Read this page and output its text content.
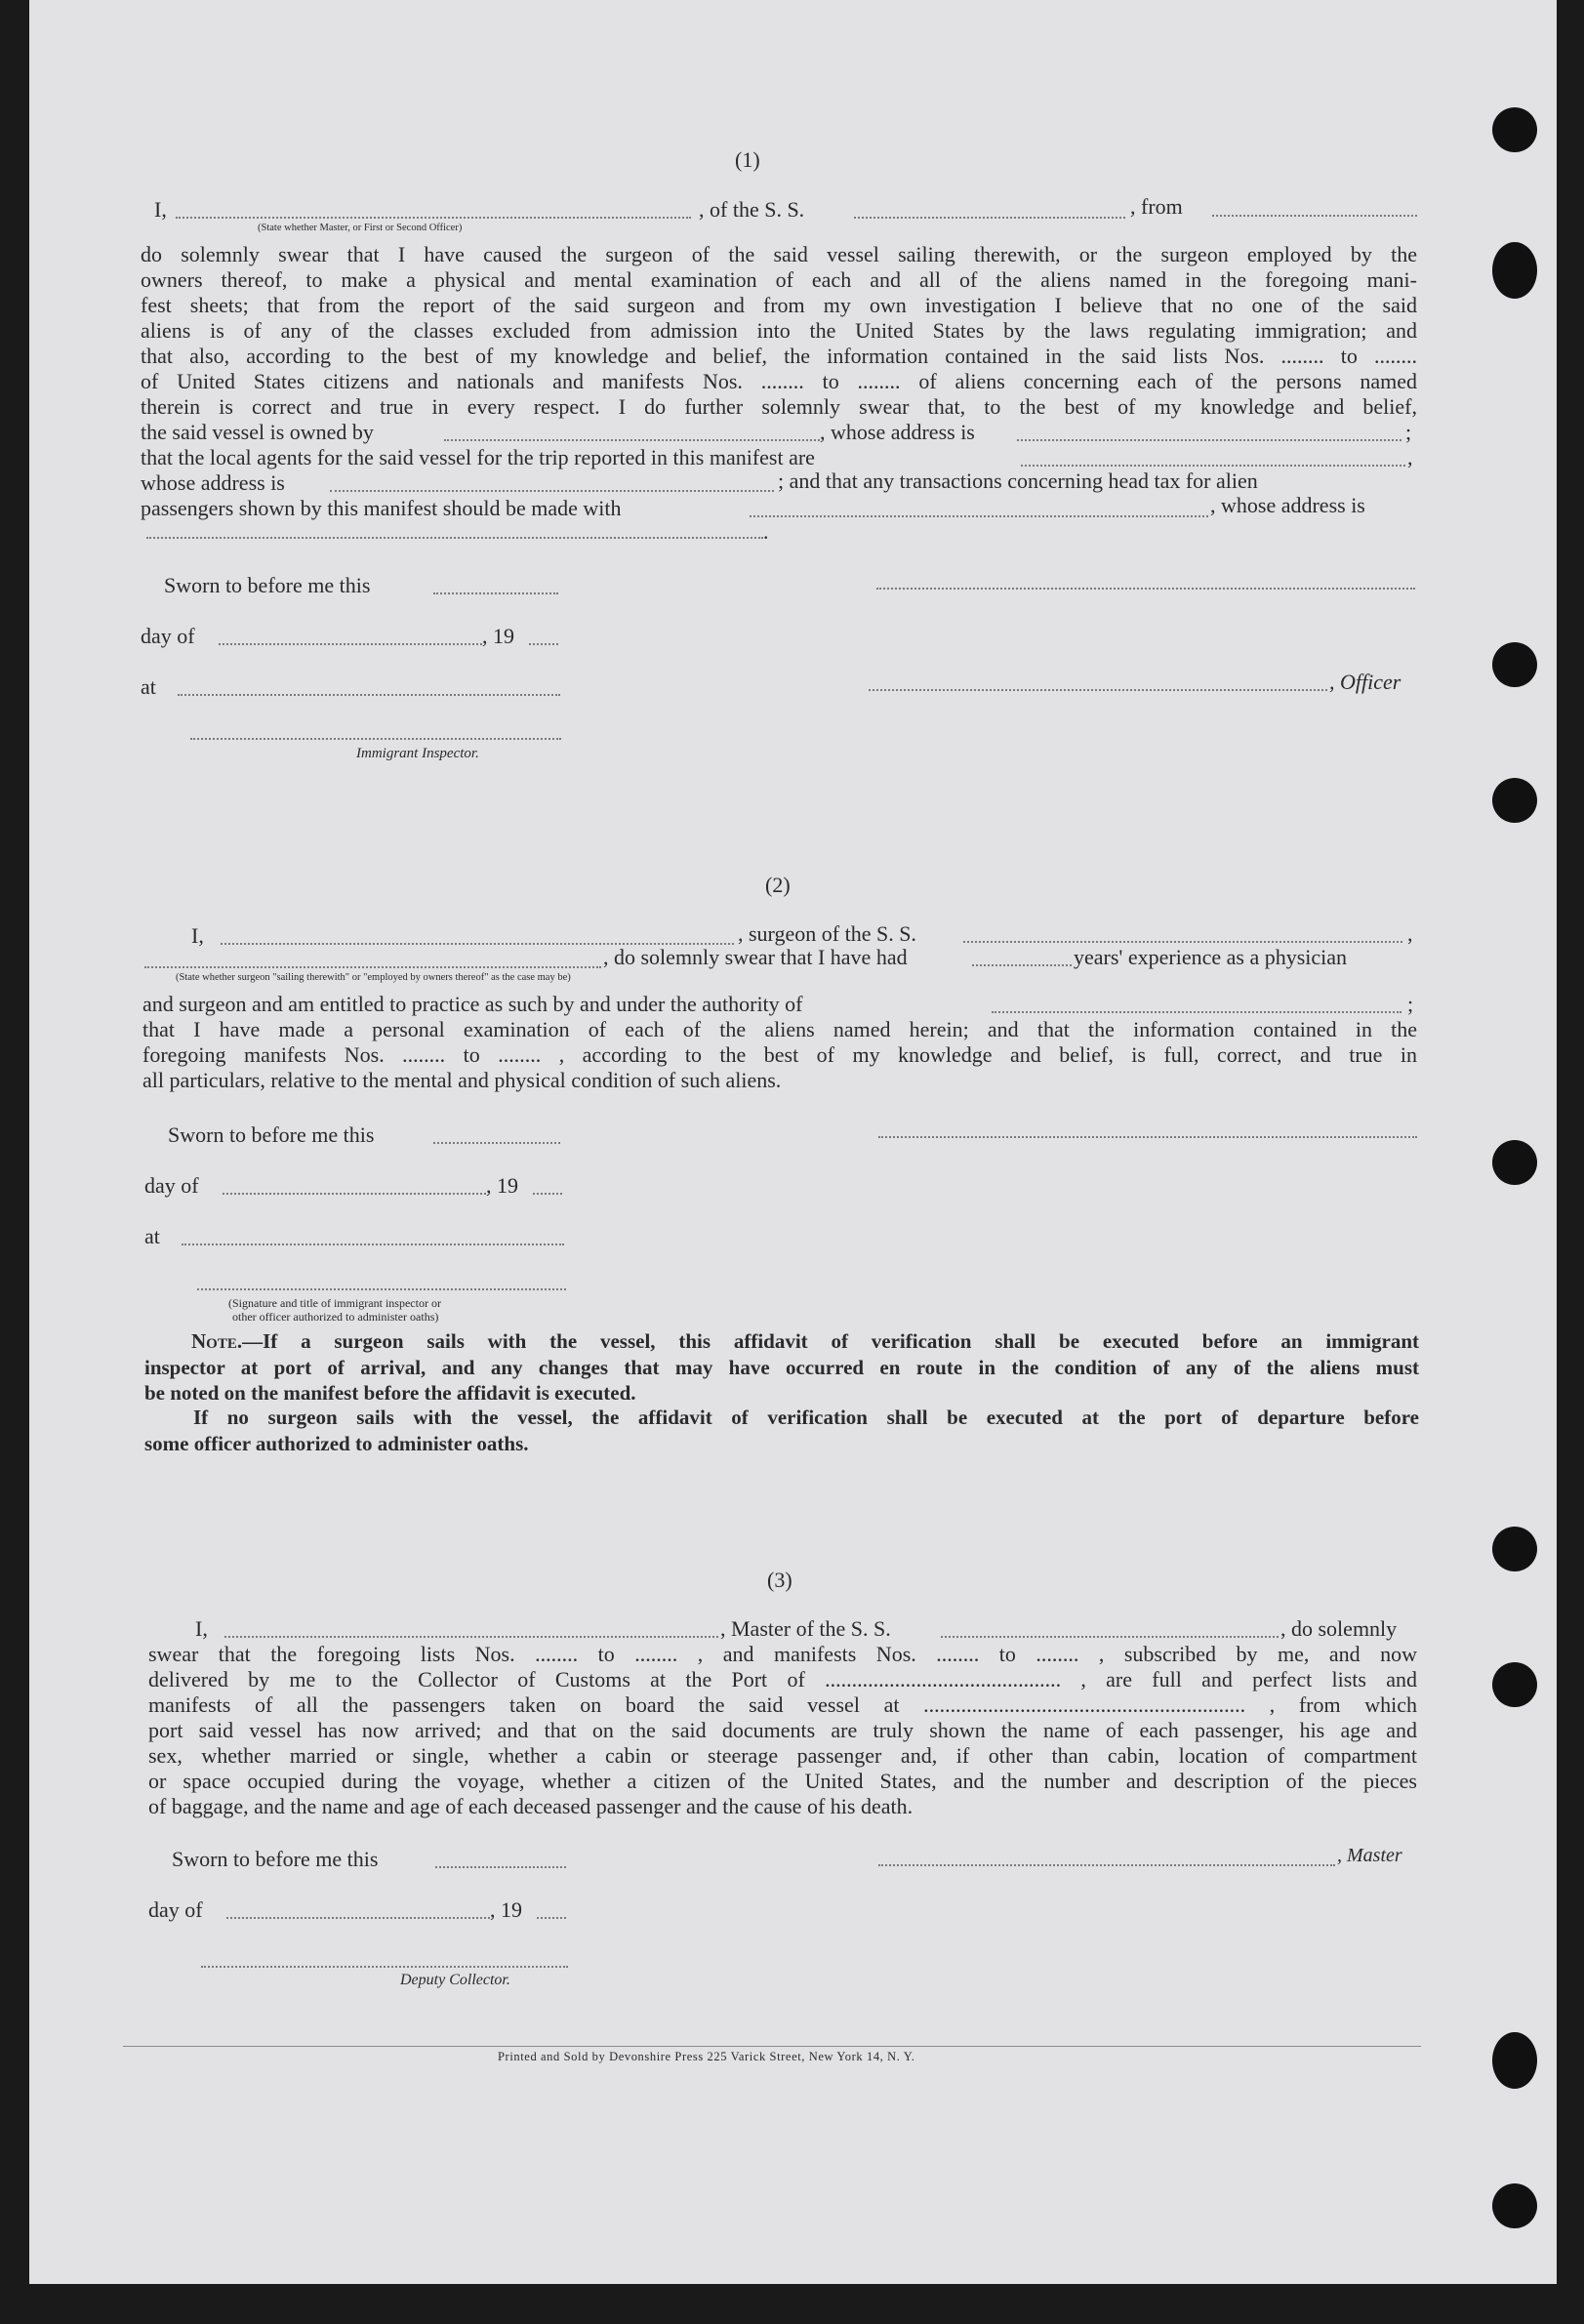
(1)
I,	, of the S. S.	, from
(State whether Master, or First or Second Officer)
do solemnly swear that I have caused the surgeon of the said vessel sailing therewith, or the surgeon employed by the
owners thereof, to make a physical and mental examination of each and all of the aliens named in the foregoing mani-
fest sheets; that from the report of the said surgeon and from my own investigation I believe that no one of the said
aliens is of any of the classes excluded from admission into the United States by the laws regulating immigration; and
that also, according to the best of my knowledge and belief, the information contained in the said lists Nos. ........ to ........
of United States citizens and nationals and manifests Nos. ........ to ........ of aliens concerning each of the persons named
therein is correct and true in every respect. I do further solemnly swear that, to the best of my knowledge and belief,
the said vessel is owned by	, whose address is	;
that the local agents for the said vessel for the trip reported in this manifest are	,
whose address is	; and that any transactions concerning head tax for alien
passengers shown by this manifest should be made with	, whose address is
.
Sworn to before me this
day of	, 19
at	, Officer
Immigrant Inspector.
(2)
I,	, surgeon of the S. S.	,
, do solemnly swear that I have had	years' experience as a physician
(State whether surgeon "sailing therewith" or "employed by owners thereof" as the case may be)
and surgeon and am entitled to practice as such by and under the authority of	;
that I have made a personal examination of each of the aliens named herein; and that the information contained in the
foregoing manifests Nos. ........ to ........ , according to the best of my knowledge and belief, is full, correct, and true in
all particulars, relative to the mental and physical condition of such aliens.
Sworn to before me this
day of	, 19
at
(Signature and title of immigrant inspector or
other officer authorized to administer oaths)
Note.—If a surgeon sails with the vessel, this affidavit of verification shall be executed before an immigrant
inspector at port of arrival, and any changes that may have occurred en route in the condition of any of the aliens must
be noted on the manifest before the affidavit is executed.
If no surgeon sails with the vessel, the affidavit of verification shall be executed at the port of departure before
some officer authorized to administer oaths.
(3)
I,	, Master of the S. S.	, do solemnly
swear that the foregoing lists Nos. ........ to ........ , and manifests Nos. ........ to ........ , subscribed by me, and now
delivered by me to the Collector of Customs at the Port of ............................................ , are full and perfect lists and
manifests of all the passengers taken on board the said vessel at ............................................................ , from which
port said vessel has now arrived; and that on the said documents are truly shown the name of each passenger, his age and
sex, whether married or single, whether a cabin or steerage passenger and, if other than cabin, location of compartment
or space occupied during the voyage, whether a citizen of the United States, and the number and description of the pieces
of baggage, and the name and age of each deceased passenger and the cause of his death.
Sworn to before me this	, Master
day of	, 19
Deputy Collector.
Printed and Sold by Devonshire Press 225 Varick Street, New York 14, N. Y.
